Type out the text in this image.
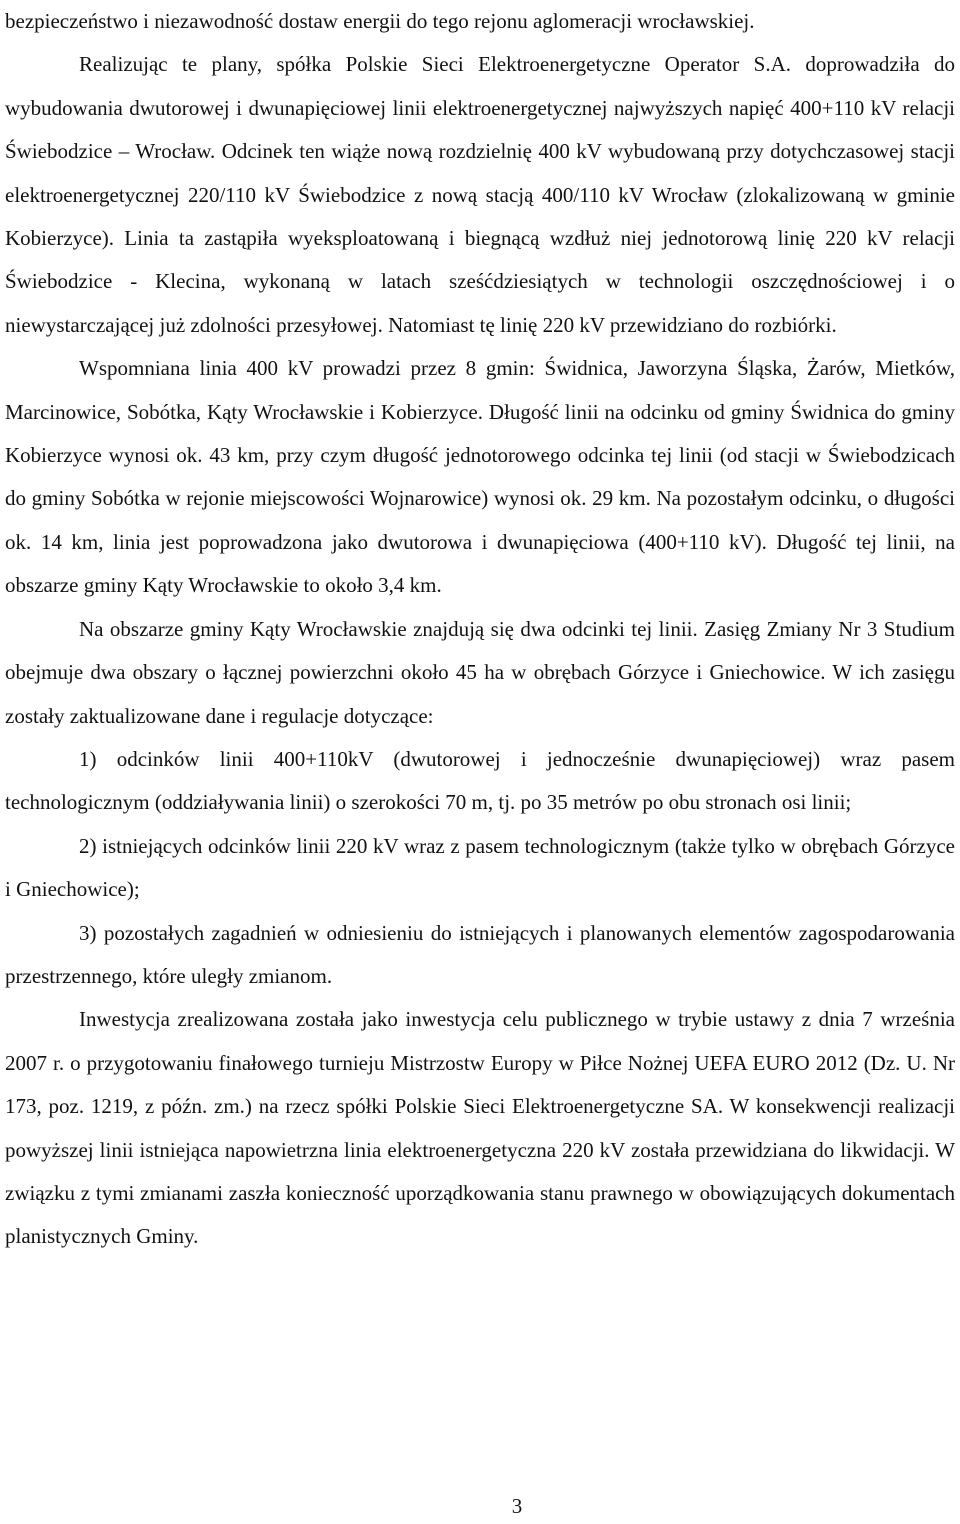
bezpieczeństwo i niezawodność dostaw energii do tego rejonu aglomeracji wrocławskiej.

Realizując te plany, spółka Polskie Sieci Elektroenergetyczne Operator S.A. doprowadziła do wybudowania dwutorowej i dwunapięciowej linii elektroenergetycznej najwyższych napięć 400+110 kV relacji Świebodzice – Wrocław. Odcinek ten wiąże nową rozdzielnię 400 kV wybudowaną przy dotychczasowej stacji elektroenergetycznej 220/110 kV Świebodzice z nową stacją 400/110 kV Wrocław (zlokalizowaną w gminie Kobierzyce). Linia ta zastąpiła wyeksploatowaną i biegnącą wzdłuż niej jednotorową linię 220 kV relacji Świebodzice - Klecina, wykonaną w latach sześćdziesiątych w technologii oszczędnościowej i o niewystarczającej już zdolności przesyłowej. Natomiast tę linię 220 kV przewidziano do rozbiórki.

Wspomniana linia 400 kV prowadzi przez 8 gmin: Świdnica, Jaworzyna Śląska, Żarów, Mietków, Marcinowice, Sobótka, Kąty Wrocławskie i Kobierzyce. Długość linii na odcinku od gminy Świdnica do gminy Kobierzyce wynosi ok. 43 km, przy czym długość jednotorowego odcinka tej linii (od stacji w Świebodzicach do gminy Sobótka w rejonie miejscowości Wojnarowice) wynosi ok. 29 km. Na pozostałym odcinku, o długości ok. 14 km, linia jest poprowadzona jako dwutorowa i dwunapięciowa (400+110 kV). Długość tej linii, na obszarze gminy Kąty Wrocławskie to około 3,4 km.

Na obszarze gminy Kąty Wrocławskie znajdują się dwa odcinki tej linii. Zasięg Zmiany Nr 3 Studium obejmuje dwa obszary o łącznej powierzchni około 45 ha w obrębach Górzyce i Gniechowice. W ich zasięgu zostały zaktualizowane dane i regulacje dotyczące:

1) odcinków linii 400+110kV (dwutorowej i jednocześnie dwunapięciowej) wraz pasem technologicznym (oddziaływania linii) o szerokości 70 m, tj. po 35 metrów po obu stronach osi linii;

2) istniejących odcinków linii 220 kV wraz z pasem technologicznym (także tylko w obrębach Górzyce i Gniechowice);

3) pozostałych zagadnień w odniesieniu do istniejących i planowanych elementów zagospodarowania przestrzennego, które uległy zmianom.

Inwestycja zrealizowana została jako inwestycja celu publicznego w trybie ustawy z dnia 7 września 2007 r. o przygotowaniu finałowego turnieju Mistrzostw Europy w Piłce Nożnej UEFA EURO 2012 (Dz. U. Nr 173, poz. 1219, z późn. zm.) na rzecz spółki Polskie Sieci Elektroenergetyczne SA. W konsekwencji realizacji powyższej linii istniejąca napowietrzna linia elektroenergetyczna 220 kV została przewidziana do likwidacji. W związku z tymi zmianami zaszła konieczność uporządkowania stanu prawnego w obowiązujących dokumentach planistycznych Gminy.

3
